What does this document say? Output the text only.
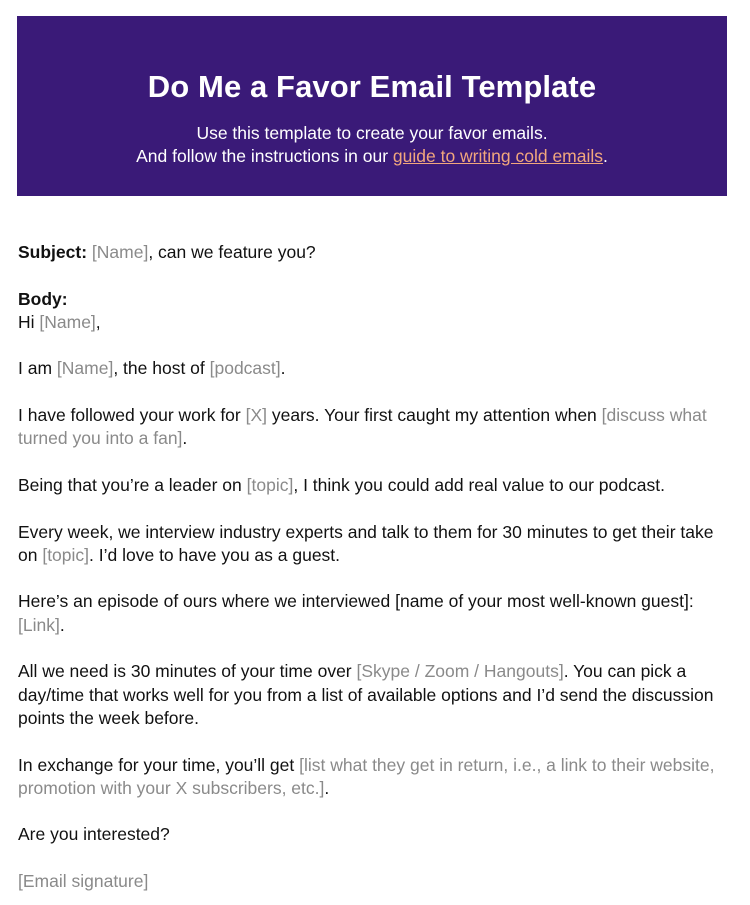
Do Me a Favor Email Template
Use this template to create your favor emails.
And follow the instructions in our guide to writing cold emails.

Subject: [Name], can we feature you?

Body:

Hi [Name],

I am [Name], the host of [podcast].

I have followed your work for [X] years. Your first caught my attention when [discuss what turned you into a fan].

Being that you’re a leader on [topic], I think you could add real value to our podcast.

Every week, we interview industry experts and talk to them for 30 minutes to get their take on [topic]. I’d love to have you as a guest.

Here’s an episode of ours where we interviewed [name of your most well-known guest]: [Link].

All we need is 30 minutes of your time over [Skype / Zoom / Hangouts]. You can pick a day/time that works well for you from a list of available options and I’d send the discussion points the week before.

In exchange for your time, you’ll get [list what they get in return, i.e., a link to their website, promotion with your X subscribers, etc.].

Are you interested?

[Email signature]
